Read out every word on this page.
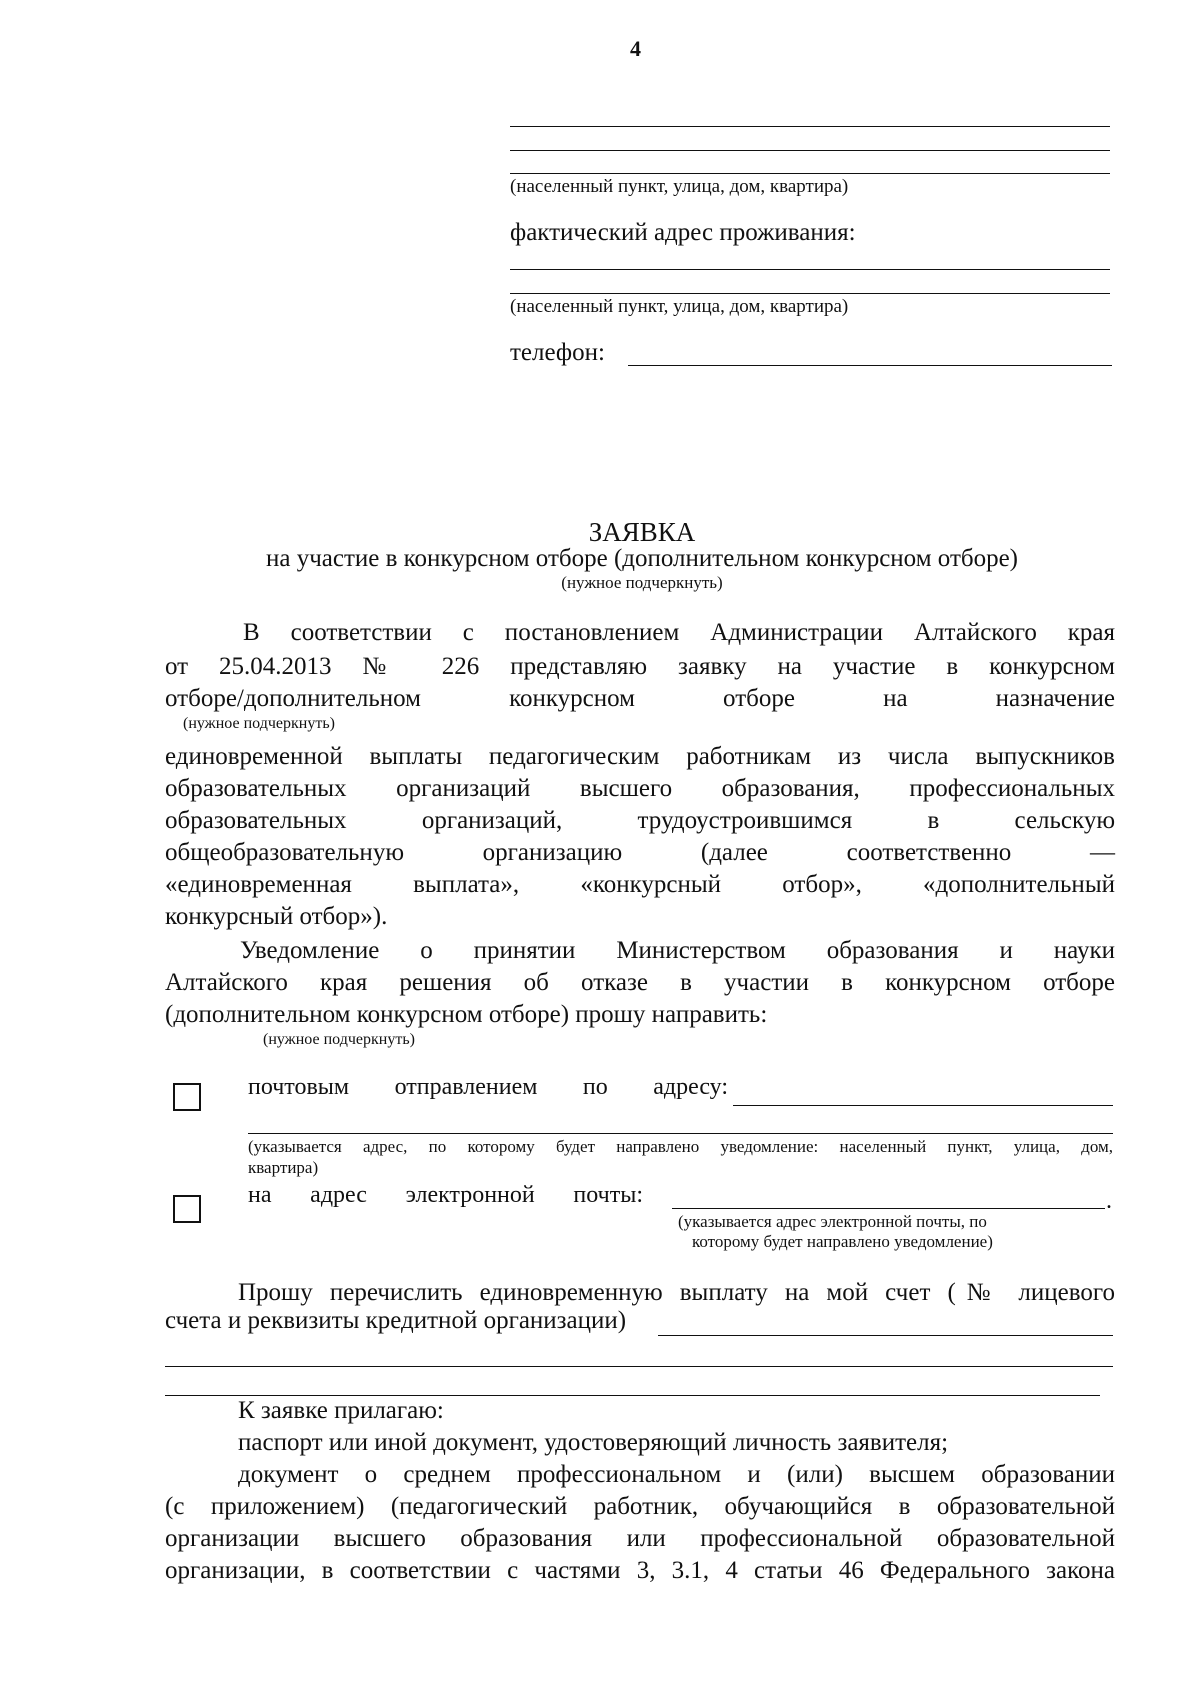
4
(населенный пункт, улица, дом, квартира)
фактический адрес проживания:
(населенный пункт, улица, дом, квартира)
телефон:
ЗАЯВКА
на участие в конкурсном отборе (дополнительном конкурсном отборе)
(нужное подчеркнуть)
В соответствии с постановлением Администрации Алтайского края
от 25.04.2013 № 226 представляю заявку на участие в конкурсном
отборе/дополнительном конкурсном отборе на назначение
(нужное подчеркнуть)
единовременной выплаты педагогическим работникам из числа выпускников
образовательных организаций высшего образования, профессиональных
образовательных организаций, трудоустроившимся в сельскую
общеобразовательную организацию (далее соответственно —
«единовременная выплата», «конкурсный отбор», «дополнительный
конкурсный отбор»).
Уведомление о принятии Министерством образования и науки
Алтайского края решения об отказе в участии в конкурсном отборе
(дополнительном конкурсном отборе) прошу направить:
(нужное подчеркнуть)
почтовым отправлением по адресу:
(указывается адрес, по которому будет направлено уведомление: населенный пункт, улица, дом,
квартира)
на адрес электронной почты:	.
(указывается адрес электронной почты, по
которому будет направлено уведомление)
Прошу перечислить единовременную выплату на мой счет (№ лицевого
счета и реквизиты кредитной организации)
К заявке прилагаю:
паспорт или иной документ, удостоверяющий личность заявителя;
документ о среднем профессиональном и (или) высшем образовании
(с приложением) (педагогический работник, обучающийся в образовательной
организации высшего образования или профессиональной образовательной
организации, в соответствии с частями 3, 3.1, 4 статьи 46 Федерального закона
